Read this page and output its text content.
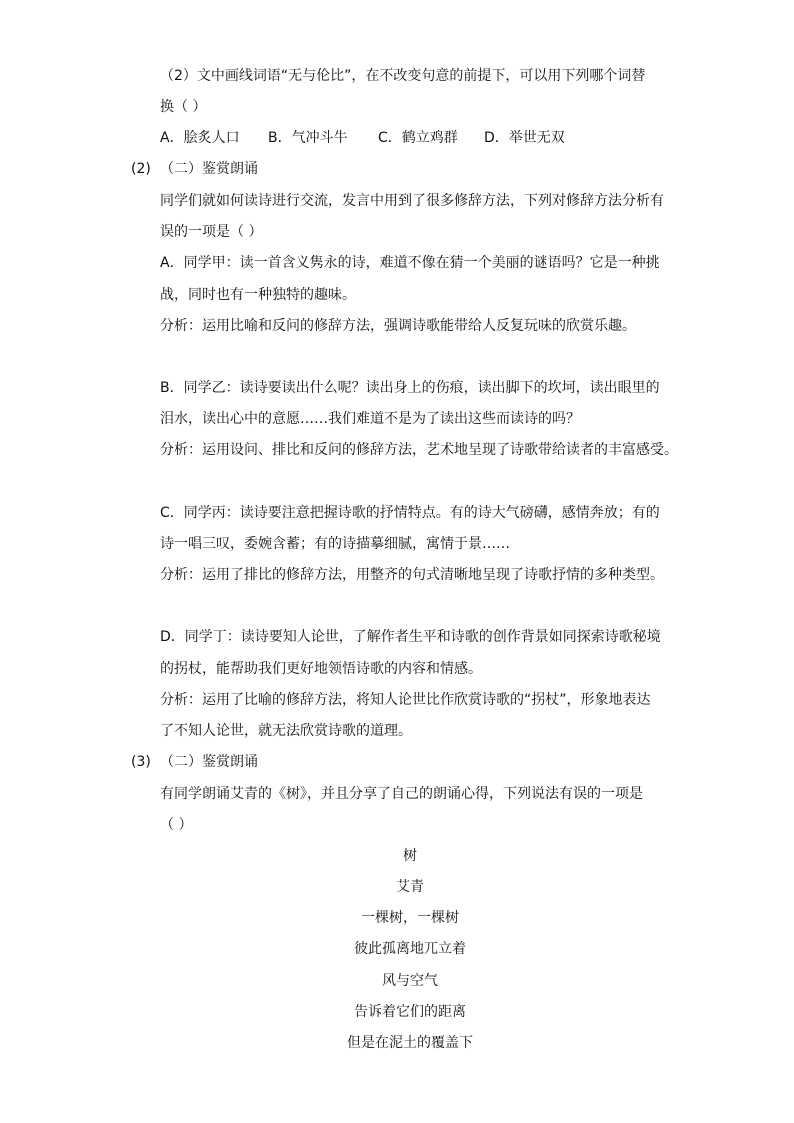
（2）文中画线词语“无与伦比”，在不改变句意的前提下，可以用下列哪个词替
换（ ）
A．脍炙人口 B．气冲斗牛 C．鹤立鸡群 D．举世无双
(2) （二）鉴赏朗诵
同学们就如何读诗进行交流，发言中用到了很多修辞方法，下列对修辞方法分析有
误的一项是（ ）
A．同学甲：读一首含义隽永的诗，难道不像在猜一个美丽的谜语吗？它是一种挑
战，同时也有一种独特的趣味。
分析：运用比喻和反问的修辞方法，强调诗歌能带给人反复玩味的欣赏乐趣。
B．同学乙：读诗要读出什么呢？读出身上的伤痕，读出脚下的坎坷，读出眼里的
泪水，读出心中的意愿……我们难道不是为了读出这些而读诗的吗？
分析：运用设问、排比和反问的修辞方法，艺术地呈现了诗歌带给读者的丰富感受。
C．同学丙：读诗要注意把握诗歌的抒情特点。有的诗大气磅礴，感情奔放；有的
诗一唱三叹，委婉含蓄；有的诗描摹细腻，寓情于景……
分析：运用了排比的修辞方法，用整齐的句式清晰地呈现了诗歌抒情的多种类型。
D．同学丁：读诗要知人论世，了解作者生平和诗歌的创作背景如同探索诗歌秘境
的拐杖，能帮助我们更好地领悟诗歌的内容和情感。
分析：运用了比喻的修辞方法，将知人论世比作欣赏诗歌的“拐杖”，形象地表达
了不知人论世，就无法欣赏诗歌的道理。
(3) （二）鉴赏朗诵
有同学朗诵艾青的《树》，并且分享了自己的朗诵心得，下列说法有误的一项是
（ ）
树
艾青
一棵树，一棵树
彼此孤离地兀立着
风与空气
告诉着它们的距离
但是在泥土的覆盖下
